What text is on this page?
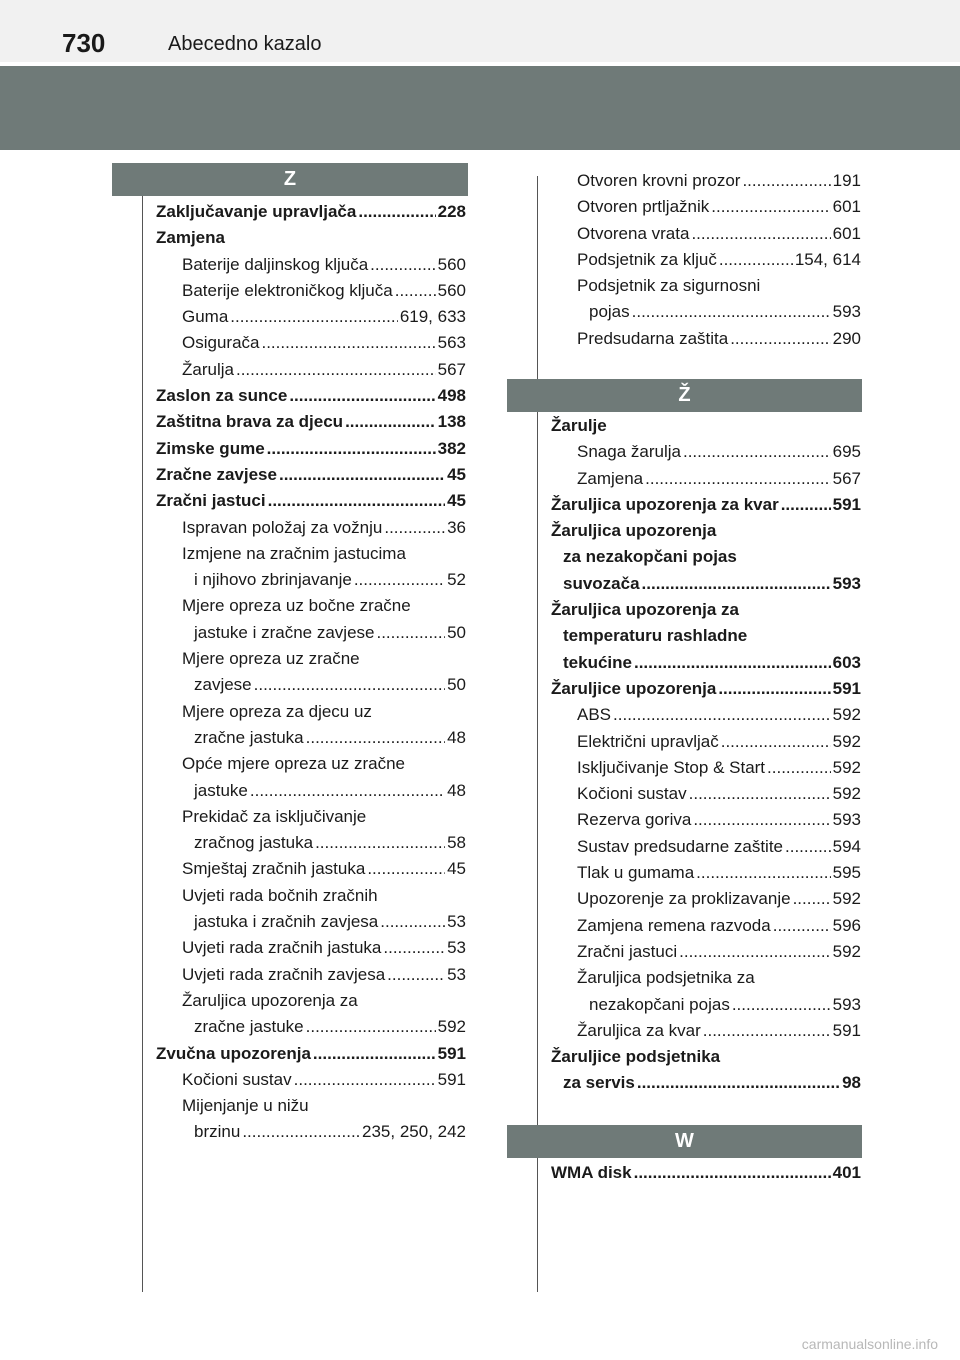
730	Abecedno kazalo
Z
Ž
W
Zaključavanje upravljača .....	228
Zamjena
Baterije daljinskog ključa .....	560
Baterije elektroničkog ključa .....	560
Guma .....	619, 633
Osigurača .....	563
Žarulja .....	567
Zaslon za sunce .....	498
Zaštitna brava za djecu .....	138
Zimske gume .....	382
Zračne zavjese .....	45
Zračni jastuci .....	45
Ispravan položaj za vožnju .....	36
Izmjene na zračnim jastucima
i njihovo zbrinjavanje .....	52
Mjere opreza uz bočne zračne
jastuke i zračne zavjese .....	50
Mjere opreza uz zračne
zavjese .....	50
Mjere opreza za djecu uz
zračne jastuka .....	48
Opće mjere opreza uz zračne
jastuke .....	48
Prekidač za isključivanje
zračnog jastuka .....	58
Smještaj zračnih jastuka .....	45
Uvjeti rada bočnih zračnih
jastuka i zračnih zavjesa .....	53
Uvjeti rada zračnih jastuka .....	53
Uvjeti rada zračnih zavjesa .....	53
Žaruljica upozorenja za
zračne jastuke .....	592
Zvučna upozorenja .....	591
Kočioni sustav .....	591
Mijenjanje u nižu
brzinu .....	235, 250, 242
Otvoren krovni prozor .....	191
Otvoren prtljažnik .....	601
Otvorena vrata .....	601
Podsjetnik za ključ .....	154, 614
Podsjetnik za sigurnosni
pojas .....	593
Predsudarna zaštita .....	290
Žarulje
Snaga žarulja .....	695
Zamjena .....	567
Žaruljica upozorenja za kvar .....	591
Žaruljica upozorenja
za nezakopčani pojas
suvozača .....	593
Žaruljica upozorenja za
temperaturu rashladne
tekućine .....	603
Žaruljice upozorenja .....	591
ABS .....	592
Električni upravljač .....	592
Isključivanje Stop & Start .....	592
Kočioni sustav .....	592
Rezerva goriva .....	593
Sustav predsudarne zaštite .....	594
Tlak u gumama .....	595
Upozorenje za proklizavanje ..... 592
Zamjena remena razvoda .....	596
Zračni jastuci .....	592
Žaruljica podsjetnika za
nezakopčani pojas .....	593
Žaruljica za kvar .....	591
Žaruljice podsjetnika
za servis .....	98
WMA disk .....	401
carmanualsonline.info
